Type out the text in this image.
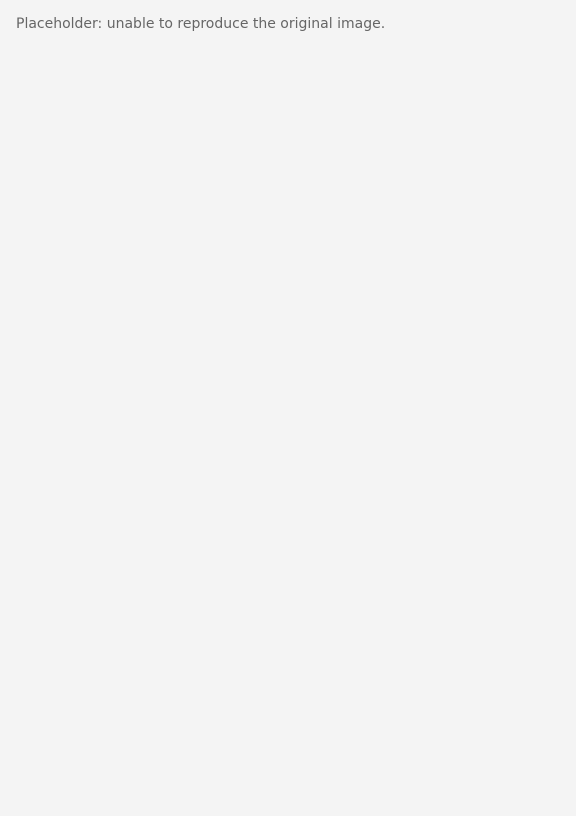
Placeholder: unable to reproduce the original image.
